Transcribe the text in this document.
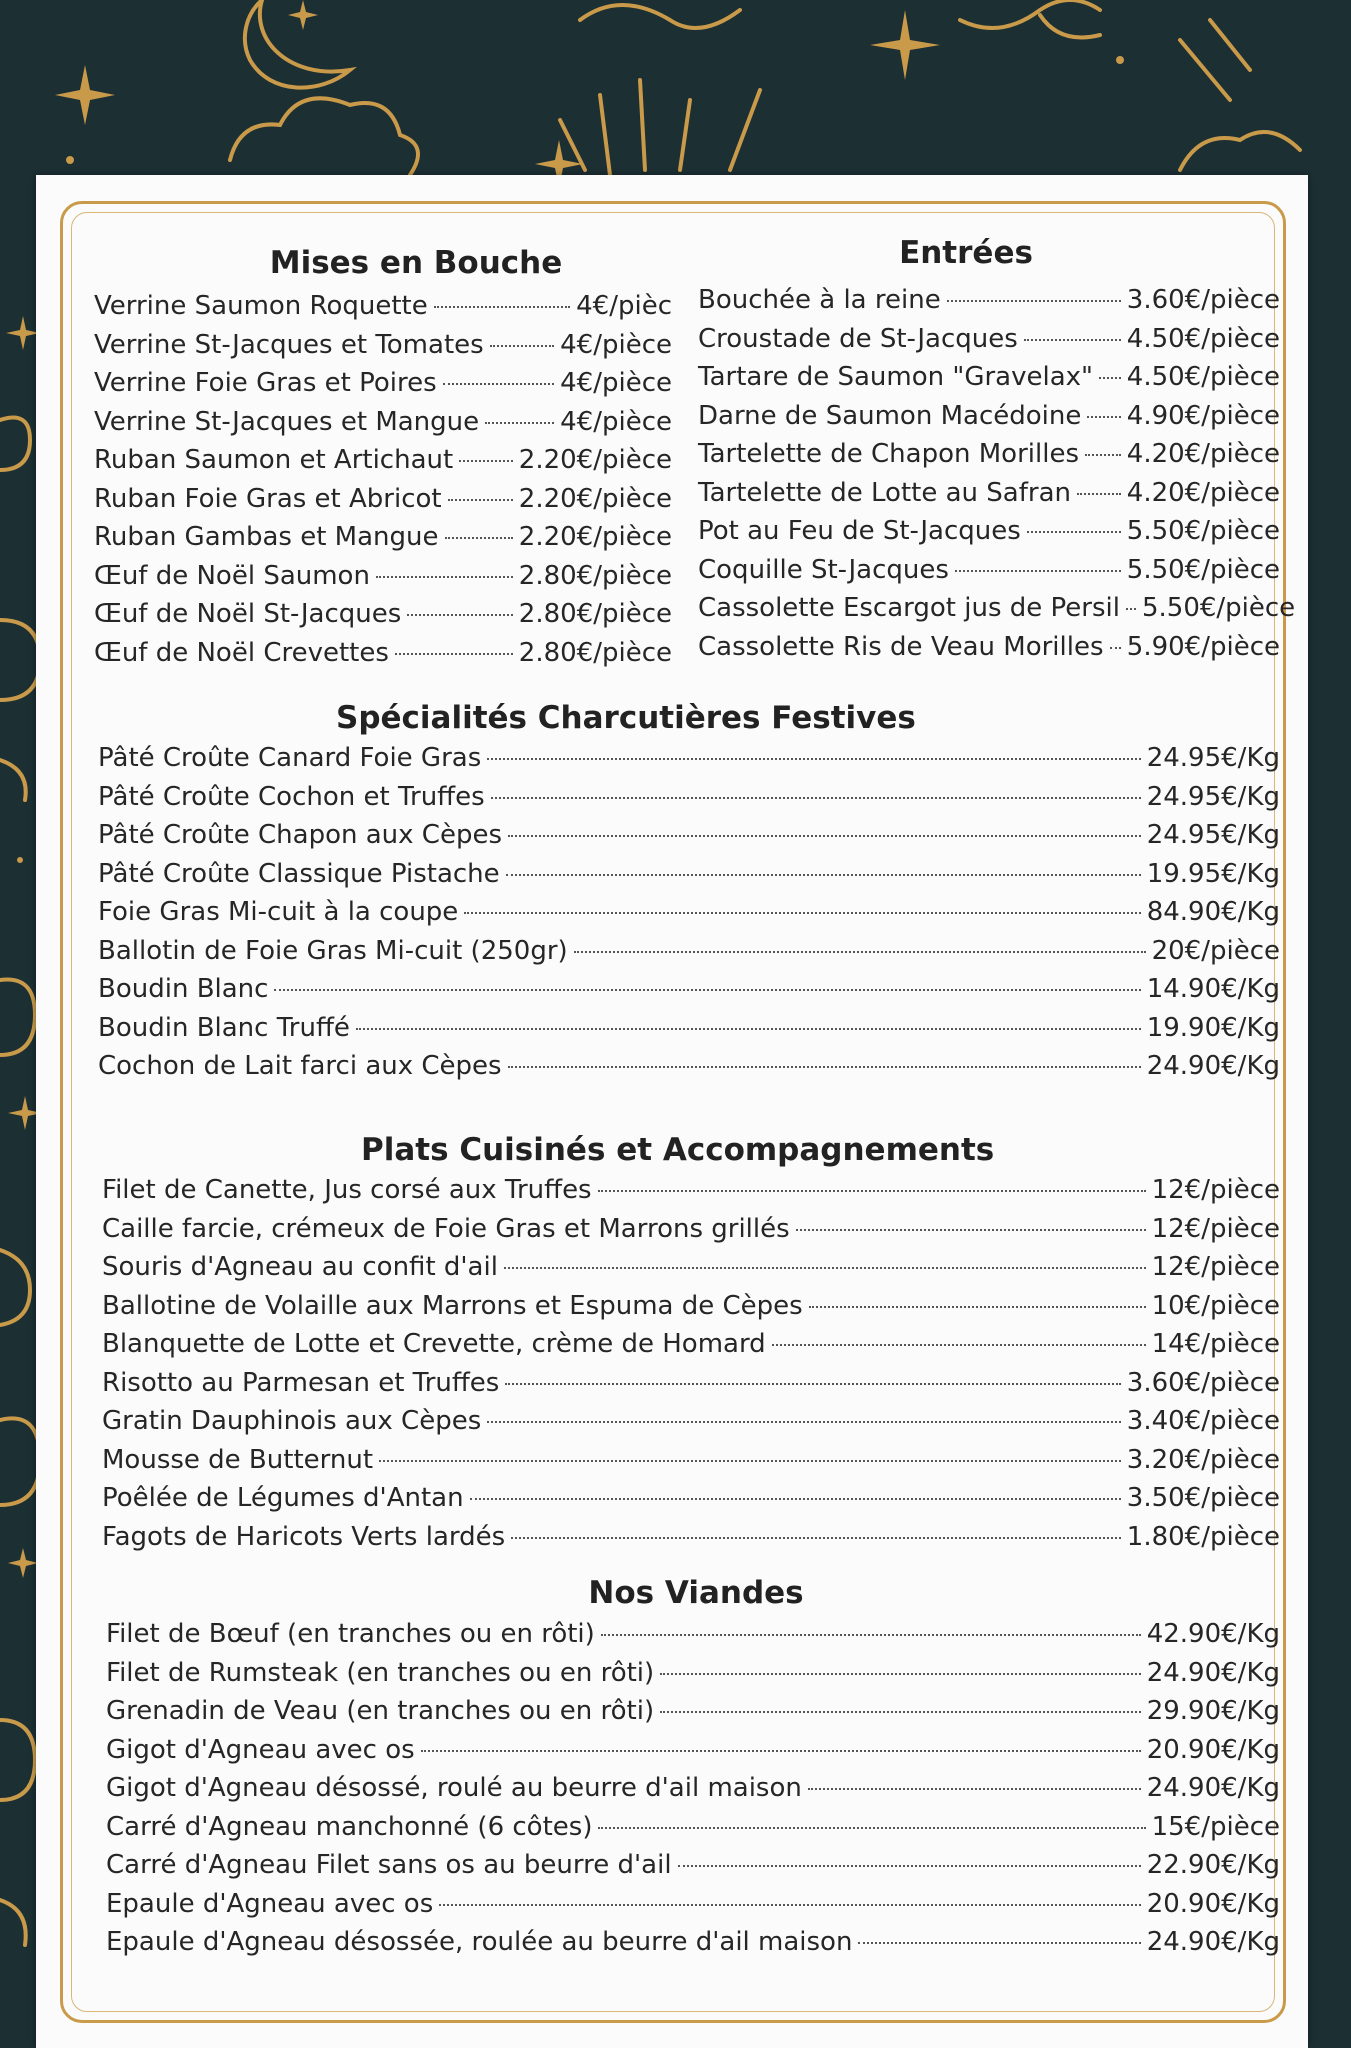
Mises en Bouche
Verrine Saumon Roquette	4€/pièc
Verrine St-Jacques et Tomates	4€/pièce
Verrine Foie Gras et Poires	4€/pièce
Verrine St-Jacques et Mangue	4€/pièce
Ruban Saumon et Artichaut	2.20€/pièce
Ruban Foie Gras et Abricot	2.20€/pièce
Ruban Gambas et Mangue	2.20€/pièce
Œuf de Noël Saumon	2.80€/pièce
Œuf de Noël St-Jacques	2.80€/pièce
Œuf de Noël Crevettes	2.80€/pièce
Entrées
Bouchée à la reine	3.60€/pièce
Croustade de St-Jacques	4.50€/pièce
Tartare de Saumon "Gravelax" 4.50€/pièce
Darne de Saumon Macédoine 4.90€/pièce
Tartelette de Chapon Morilles 4.20€/pièce
Tartelette de Lotte au Safran 4.20€/pièce
Pot au Feu de St-Jacques	5.50€/pièce
Coquille St-Jacques	5.50€/pièce
Cassolette Escargot jus de Persil 5.50€/pièce
Cassolette Ris de Veau Morilles 5.90€/pièce
Spécialités Charcutières Festives
Pâté Croûte Canard Foie Gras	24.95€/Kg
Pâté Croûte Cochon et Truffes	24.95€/Kg
Pâté Croûte Chapon aux Cèpes	24.95€/Kg
Pâté Croûte Classique Pistache	19.95€/Kg
Foie Gras Mi-cuit à la coupe	84.90€/Kg
Ballotin de Foie Gras Mi-cuit (250gr)	20€/pièce
Boudin Blanc	14.90€/Kg
Boudin Blanc Truffé	19.90€/Kg
Cochon de Lait farci aux Cèpes	24.90€/Kg
Plats Cuisinés et Accompagnements
Filet de Canette, Jus corsé aux Truffes	12€/pièce
Caille farcie, crémeux de Foie Gras et Marrons grillés	12€/pièce
Souris d'Agneau au confit d'ail	12€/pièce
Ballotine de Volaille aux Marrons et Espuma de Cèpes	10€/pièce
Blanquette de Lotte et Crevette, crème de Homard	14€/pièce
Risotto au Parmesan et Truffes	3.60€/pièce
Gratin Dauphinois aux Cèpes	3.40€/pièce
Mousse de Butternut	3.20€/pièce
Poêlée de Légumes d'Antan	3.50€/pièce
Fagots de Haricots Verts lardés	1.80€/pièce
Nos Viandes
Filet de Bœuf (en tranches ou en rôti)	42.90€/Kg
Filet de Rumsteak (en tranches ou en rôti)	24.90€/Kg
Grenadin de Veau (en tranches ou en rôti)	29.90€/Kg
Gigot d'Agneau avec os	20.90€/Kg
Gigot d'Agneau désossé, roulé au beurre d'ail maison	24.90€/Kg
Carré d'Agneau manchonné (6 côtes)	15€/pièce
Carré d'Agneau Filet sans os au beurre d'ail	22.90€/Kg
Epaule d'Agneau avec os	20.90€/Kg
Epaule d'Agneau désossée, roulée au beurre d'ail maison	24.90€/Kg
